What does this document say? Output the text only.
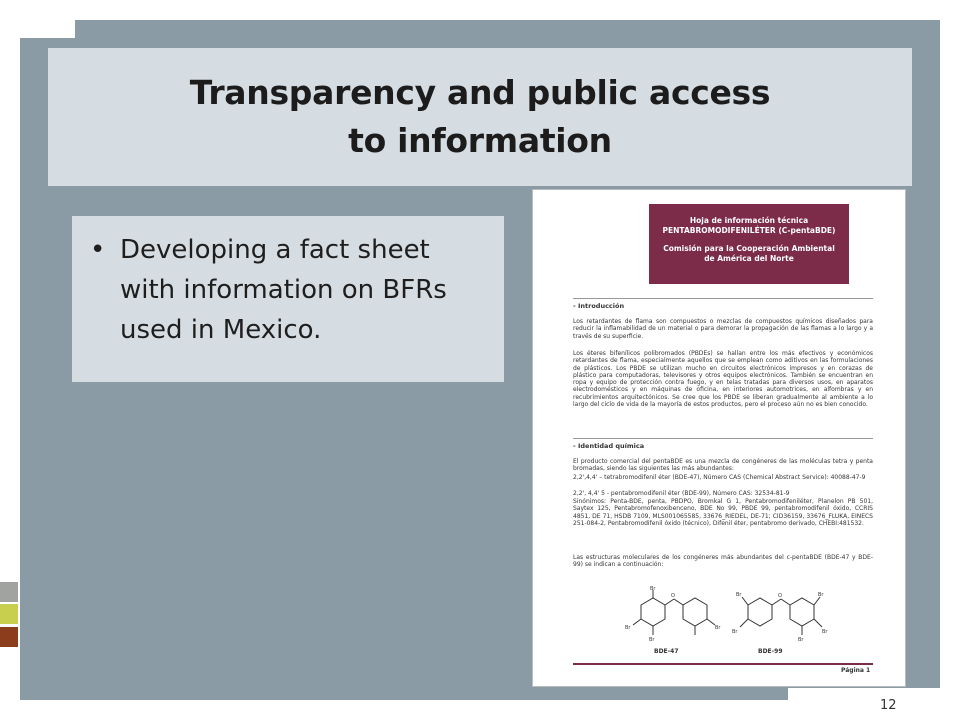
Transparency and public access
to information
• Developing a fact sheet with information on BFRs used in Mexico.
Hoja de información técnica
PENTABROMODIFENILÉTER (C-pentaBDE)
Comisión para la Cooperación Ambiental
de América del Norte
- Introducción
Los retardantes de flama son compuestos o mezclas de compuestos químicos diseñados para reducir la inflamabilidad de un material o para demorar la propagación de las flamas a lo largo y a través de su superficie.
Los éteres bifenílicos polibromados (PBDEs) se hallan entre los más efectivos y económicos retardantes de flama, especialmente aquellos que se emplean como aditivos en las formulaciones de plásticos. Los PBDE se utilizan mucho en circuitos electrónicos impresos y en corazas de plástico para computadoras, televisores y otros equipos electrónicos. También se encuentran en ropa y equipo de protección contra fuego, y en telas tratadas para diversos usos, en aparatos electrodomésticos y en máquinas de oficina, en interiores automotrices, en alfombras y en recubrimientos arquitectónicos. Se cree que los PBDE se liberan gradualmente al ambiente a lo largo del ciclo de vida de la mayoría de estos productos, pero el proceso aún no es bien conocido.
- Identidad química
El producto comercial del pentaBDE es una mezcla de congéneres de las moléculas tetra y penta bromadas, siendo las siguientes las más abundantes:
2,2',4,4' – tetrabromodifenil éter (BDE-47), Número CAS (Chemical Abstract Service): 40088-47-9
2,2', 4,4' 5 - pentabromodifenil éter (BDE-99), Número CAS: 32534-81-9
Sinónimos: Penta-BDE, penta, PBDPO, Bromkal G 1, Pentabromodifeniléter, Planelon PB 501, Saytex 125, Pentabromofenoxibenceno, BDE No 99, PBDE 99, pentabromodifenil óxido, CCRIS 4851, DE 71, HSDB 7109, MLS001065585, 33676_RIEDEL, DE-71; CID36159, 33676_FLUKA, EINECS 251-084-2, Pentabromodifenil óxido (técnico), Difenil éter, pentabromo derivado, CHEBI:481532.
Las estructuras moleculares de los congéneres más abundantes del c-pentaBDE (BDE-47 y BDE-99) se indican a continuación:
O
Br
Br
Br
Br
O
Br
Br
Br
Br
Br
BDE-47	BDE-99
Página 1
12
